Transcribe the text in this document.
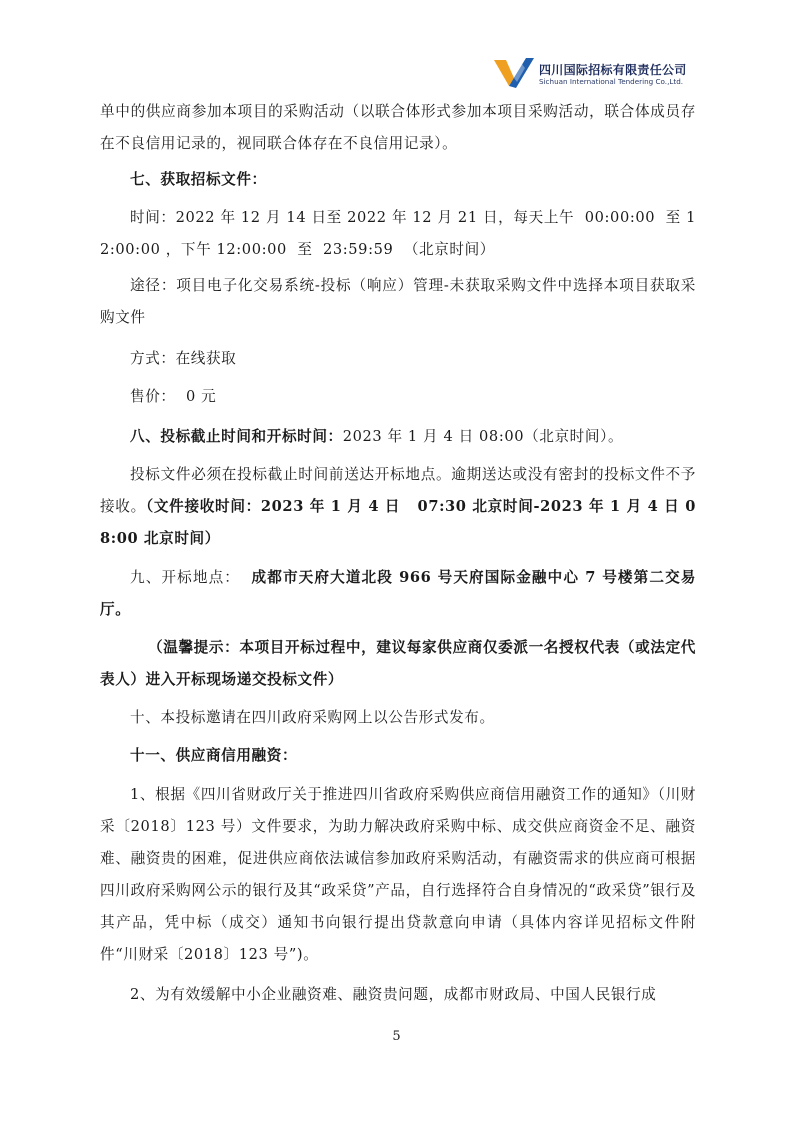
四川国际招标有限责任公司
Sichuan International Tendering Co.,Ltd.
单中的供应商参加本项目的采购活动（以联合体形式参加本项目采购活动，联合体成员存在不良信用记录的，视同联合体存在不良信用记录）。
七、获取招标文件：
时间：2022 年 12 月 14 日至 2022 年 12 月 21 日，每天上午  00:00:00  至 12:00:00 ，下午 12:00:00  至  23:59:59  （北京时间）
途径：项目电子化交易系统-投标（响应）管理-未获取采购文件中选择本项目获取采购文件
方式：在线获取
售价：  0 元
八、投标截止时间和开标时间：2023 年 1 月 4 日 08:00（北京时间）。
投标文件必须在投标截止时间前送达开标地点。逾期送达或没有密封的投标文件不予接收。（文件接收时间：2023 年 1 月 4 日   07:30 北京时间-2023 年 1 月 4 日 08:00 北京时间）
九、开标地点：  成都市天府大道北段 966 号天府国际金融中心 7 号楼第二交易厅。
（温馨提示：本项目开标过程中，建议每家供应商仅委派一名授权代表（或法定代表人）进入开标现场递交投标文件）
十、本投标邀请在四川政府采购网上以公告形式发布。
十一、供应商信用融资：
1、根据《四川省财政厅关于推进四川省政府采购供应商信用融资工作的通知》（川财采〔2018〕123 号）文件要求，为助力解决政府采购中标、成交供应商资金不足、融资难、融资贵的困难，促进供应商依法诚信参加政府采购活动，有融资需求的供应商可根据四川政府采购网公示的银行及其“政采贷”产品，自行选择符合自身情况的“政采贷”银行及其产品，凭中标（成交）通知书向银行提出贷款意向申请（具体内容详见招标文件附件“川财采〔2018〕123 号”)。
2、为有效缓解中小企业融资难、融资贵问题，成都市财政局、中国人民银行成
5
